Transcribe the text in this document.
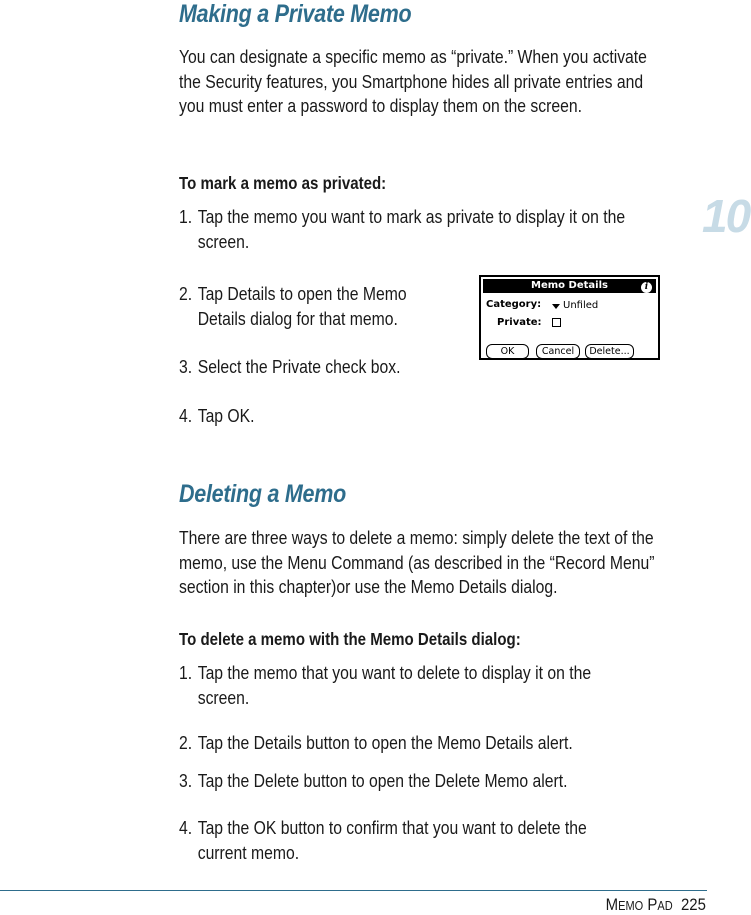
Making a Private Memo

You can designate a specific memo as “private.” When you activate the Security features, you Smartphone hides all private entries and you must enter a password to display them on the screen.

To mark a memo as privated:
1. Tap the memo you want to mark as private to display it on the
screen.
2. Tap Details to open the Memo
Details dialog for that memo.
3. Select the Private check box.
4. Tap OK.
Memo Details	i
Category: Unfiled
Private:
OK	Cancel	Delete...
10
Deleting a Memo

There are three ways to delete a memo: simply delete the text of the memo, use the Menu Command (as described in the “Record Menu” section in this chapter)or use the Memo Details dialog.

To delete a memo with the Memo Details dialog:
1. Tap the memo that you want to delete to display it on the
screen.
2. Tap the Details button to open the Memo Details alert.
3. Tap the Delete button to open the Delete Memo alert.
4. Tap the OK button to confirm that you want to delete the
current memo.
MEMO PAD 225
